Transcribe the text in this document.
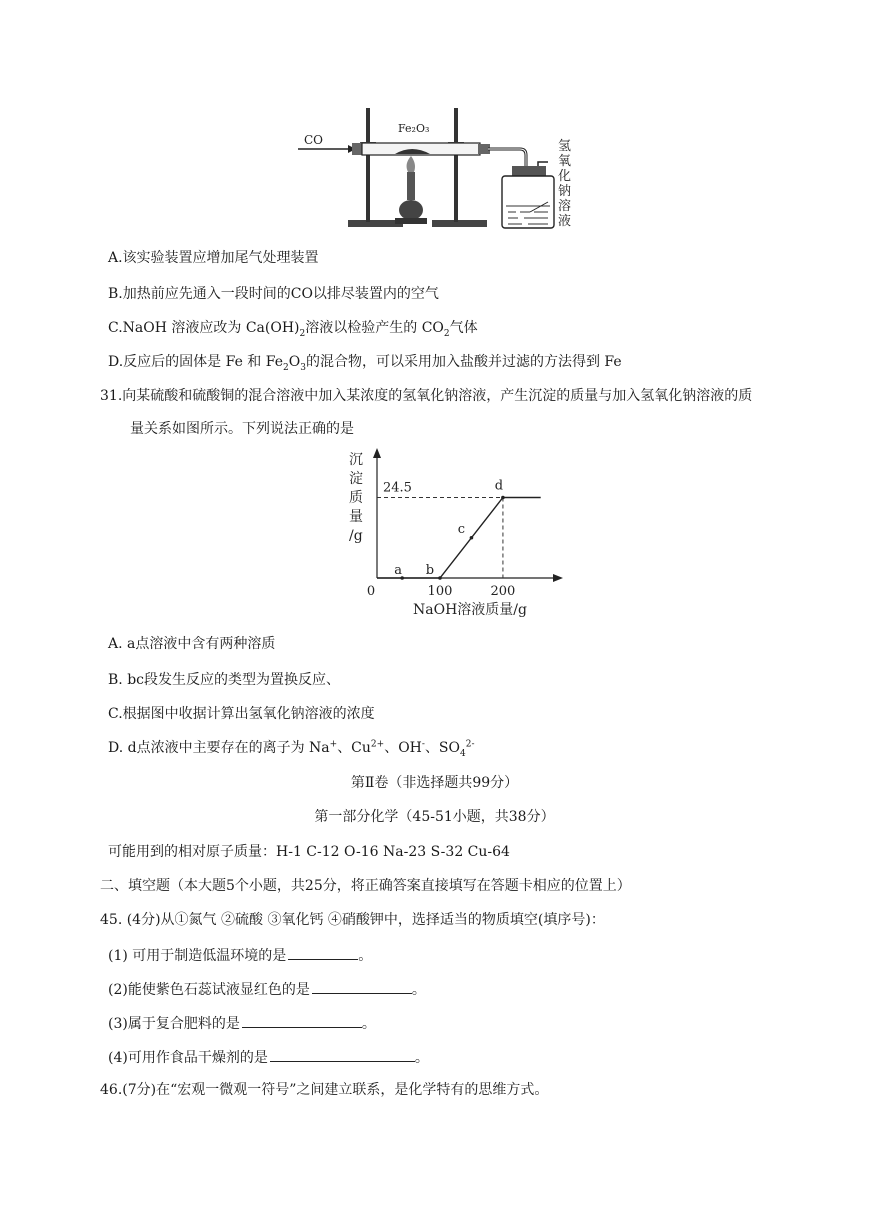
CO
Fe₂O₃
氢
氧
化
钠
溶
液
A.该实验装置应增加尾气处理装置
B.加热前应先通入一段时间的CO以排尽装置内的空气
C.NaOH 溶液应改为 $Ca(OH)_2$溶液以检验产生的 $CO_2$气体
D.反应后的固体是 Fe 和 $Fe_2O_3$的混合物，可以采用加入盐酸并过滤的方法得到 Fe
31.向某硫酸和硫酸铜的混合溶液中加入某浓度的氢氧化钠溶液，产生沉淀的质量与加入氢氧化钠溶液的质
量关系如图所示。下列说法正确的是
沉
淀
质
量
/g
0	100	200
NaOH溶液质量/g
24.5
a b
c
d
A. a点溶液中含有两种溶质
B. bc段发生反应的类型为置换反应、
C.根据图中收据计算出氢氧化钠溶液的浓度
D. d点浓液中主要存在的离子为 Na+、$Cu^{2+}$、OH-、$SO_4^{2-}$
第Ⅱ卷（非选择题共99分）
第一部分化学（45-51小题，共38分）
可能用到的相对原子质量：H-1 C-12 O-16 Na-23 S-32 Cu-64
二、填空题（本大题5个小题，共25分，将正确答案直接填写在答题卡相应的位置上）
45. (4分)从①氮气 ②硫酸 ③氧化钙 ④硝酸钾中，选择适当的物质填空(填序号)：
(1) 可用于制造低温环境的是	。
(2)能使紫色石蕊试液显红色的是	。
(3)属于复合肥料的是	。
(4)可用作食品干燥剂的是	。
46.(7分)在“宏观一微观一符号”之间建立联系，是化学特有的思维方式。
